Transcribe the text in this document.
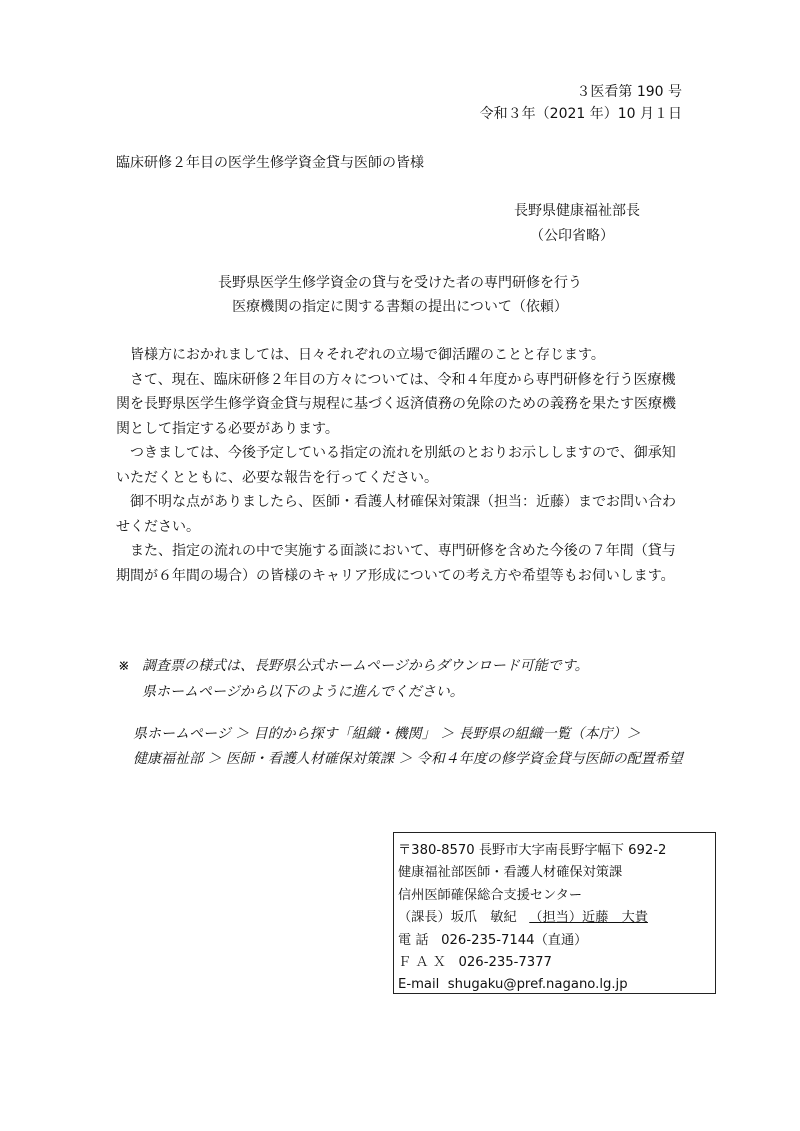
３医看第 190 号
令和３年（2021 年）10 月１日
臨床研修２年目の医学生修学資金貸与医師の皆様
長野県健康福祉部長
（公印省略）
長野県医学生修学資金の貸与を受けた者の専門研修を行う
医療機関の指定に関する書類の提出について（依頼）

　皆様方におかれましては、日々それぞれの立場で御活躍のことと存じます。

　さて、現在、臨床研修２年目の方々については、令和４年度から専門研修を行う医療機

関を長野県医学生修学資金貸与規程に基づく返済債務の免除のための義務を果たす医療機

関として指定する必要があります。

　つきましては、今後予定している指定の流れを別紙のとおりお示ししますので、御承知

いただくとともに、必要な報告を行ってください。

　御不明な点がありましたら、医師・看護人材確保対策課（担当：近藤）までお問い合わ

せください。

　また、指定の流れの中で実施する面談において、専門研修を含めた今後の７年間（貸与

期間が６年間の場合）の皆様のキャリア形成についての考え方や希望等もお伺いします。

※ 調査票の様式は、長野県公式ホームページからダウンロード可能です。
県ホームページから以下のように進んでください。
県ホームページ ＞ 目的から探す「組織・機関」 ＞ 長野県の組織一覧（本庁）＞
健康福祉部 ＞ 医師・看護人材確保対策課 ＞ 令和４年度の修学資金貸与医師の配置希望
〒380-8570 長野市大字南長野字幅下 692-2
健康福祉部医師・看護人材確保対策課
信州医師確保総合支援センター
（課長）坂爪　敏紀 （担当）近藤　大貴
電 話 026-235-7144（直通）
Ｆ Ａ Ｘ 026-235-7377
E-mail shugaku@pref.nagano.lg.jp
